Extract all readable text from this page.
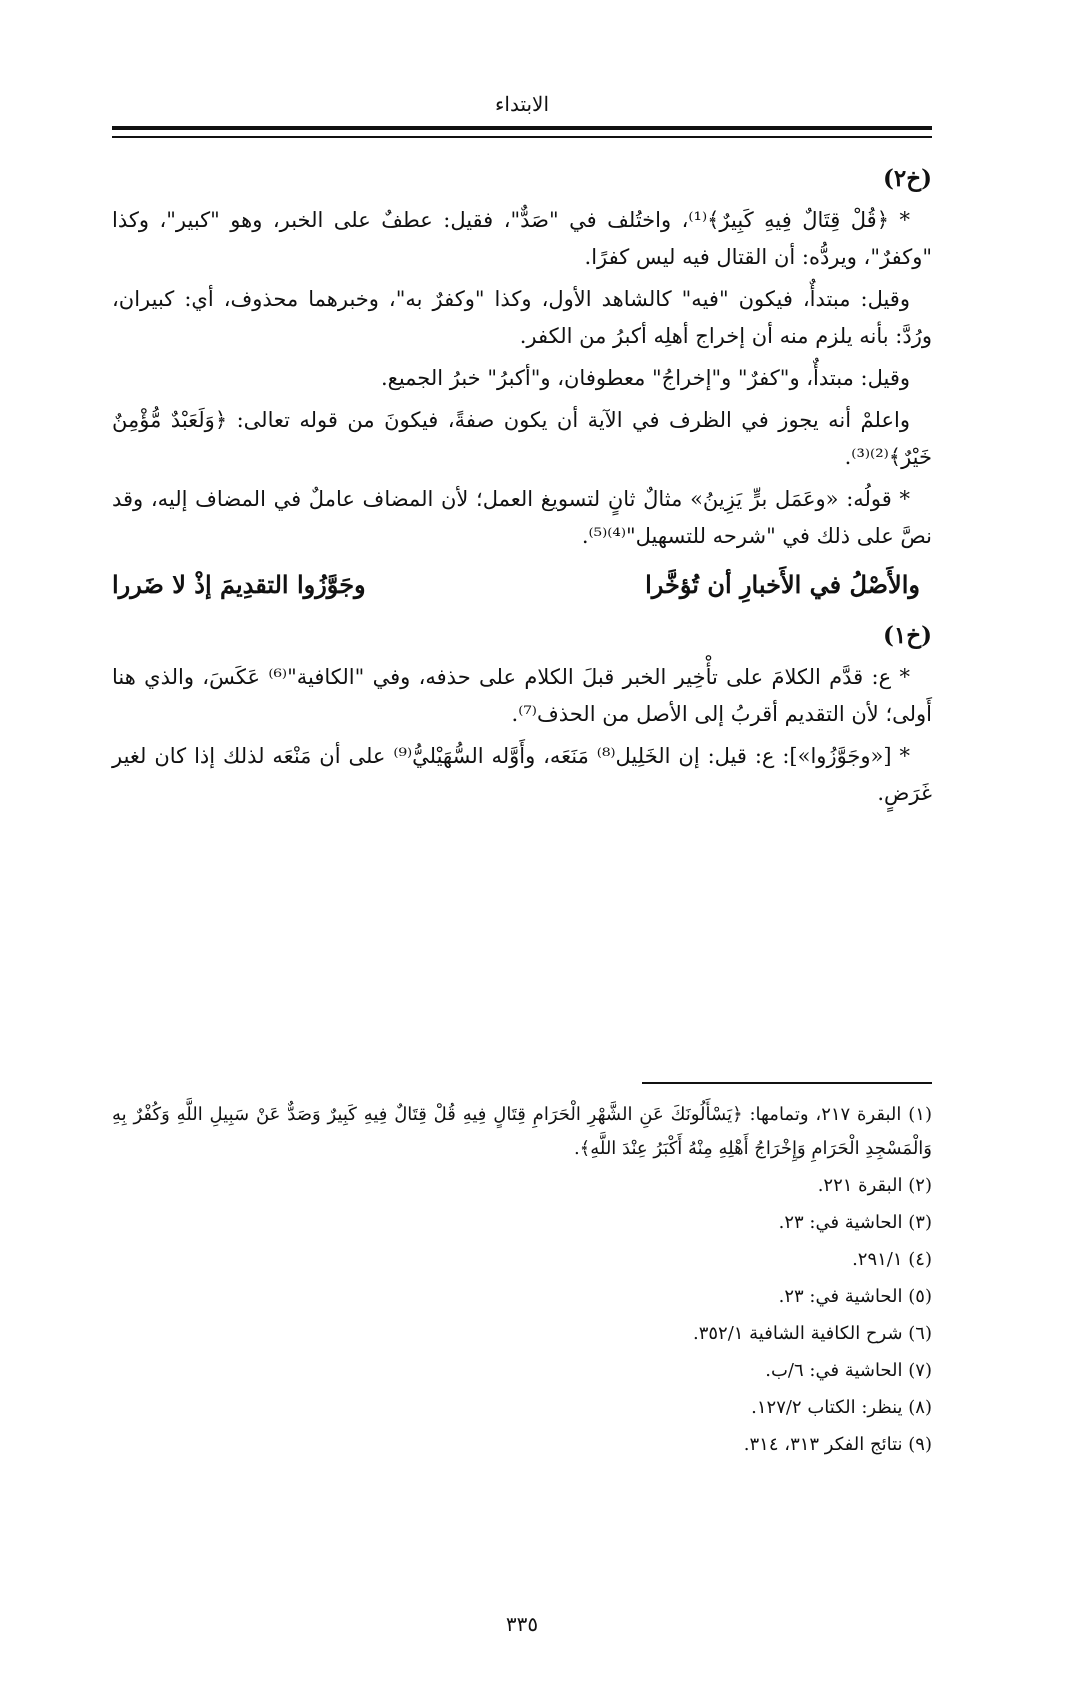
الابتداء

(خ٢)

* ﴿قُلْ قِتَالٌ فِيهِ كَبِيرٌ﴾⁽¹⁾، واختُلف في "صَدٌّ"، فقيل: عطفٌ على الخبر، وهو "كبير"، وكذا "وكفرٌ"، ويردُّه: أن القتال فيه ليس كفرًا.

وقيل: مبتدأٌ، فيكون "فيه" كالشاهد الأول، وكذا "وكفرٌ به"، وخبرهما محذوف، أي: كبيران، ورُدَّ: بأنه يلزم منه أن إخراج أهلِه أكبرُ من الكفر.

وقيل: مبتدأٌ، و"كفرٌ" و"إخراجُ" معطوفان، و"أكبرُ" خبرُ الجميع.

واعلمْ أنه يجوز في الظرف في الآية أن يكون صفةً، فيكونَ من قوله تعالى: ﴿وَلَعَبْدٌ مُّؤْمِنٌ خَيْرٌ﴾⁽²⁾⁽³⁾.

* قولُه: «وعَمَل برٍّ يَزِينُ» مثالٌ ثانٍ لتسويغ العمل؛ لأن المضاف عاملٌ في المضاف إليه، وقد نصَّ على ذلك في "شرحه للتسهيل"⁽⁴⁾⁽⁵⁾.

والأَصْلُ في الأَخبارِ أن تُؤخَّرا
وجَوَّزُوا التقدِيمَ إذْ لا ضَررا

(خ١)

* ع: قدَّم الكلامَ على تأْخِير الخبر قبلَ الكلام على حذفه، وفي "الكافية"⁽⁶⁾ عَكَسَ، والذي هنا أَولى؛ لأن التقديم أقربُ إلى الأصل من الحذف⁽⁷⁾.

* [«وجَوَّزُوا»]: ع: قيل: إن الخَلِيل⁽⁸⁾ مَنَعَه، وأَوَّله السُّهَيْليُّ⁽⁹⁾ على أن مَنْعَه لذلك إذا كان لغير غَرَضٍ.

(١) البقرة ٢١٧، وتمامها: ﴿يَسْأَلُونَكَ عَنِ الشَّهْرِ الْحَرَامِ قِتَالٍ فِيهِ قُلْ قِتَالٌ فِيهِ كَبِيرٌ وَصَدٌّ عَنْ سَبِيلِ اللَّهِ وَكُفْرٌ بِهِ وَالْمَسْجِدِ الْحَرَامِ وَإِخْرَاجُ أَهْلِهِ مِنْهُ أَكْبَرُ عِنْدَ اللَّهِ﴾.
(٢) البقرة ٢٢١.
(٣) الحاشية في: ٢٣.
(٤) ٢٩١/١.
(٥) الحاشية في: ٢٣.
(٦) شرح الكافية الشافية ٣٥٢/١.
(٧) الحاشية في: ٦/ب.
(٨) ينظر: الكتاب ١٢٧/٢.
(٩) نتائج الفكر ٣١٣، ٣١٤.
٣٣٥
